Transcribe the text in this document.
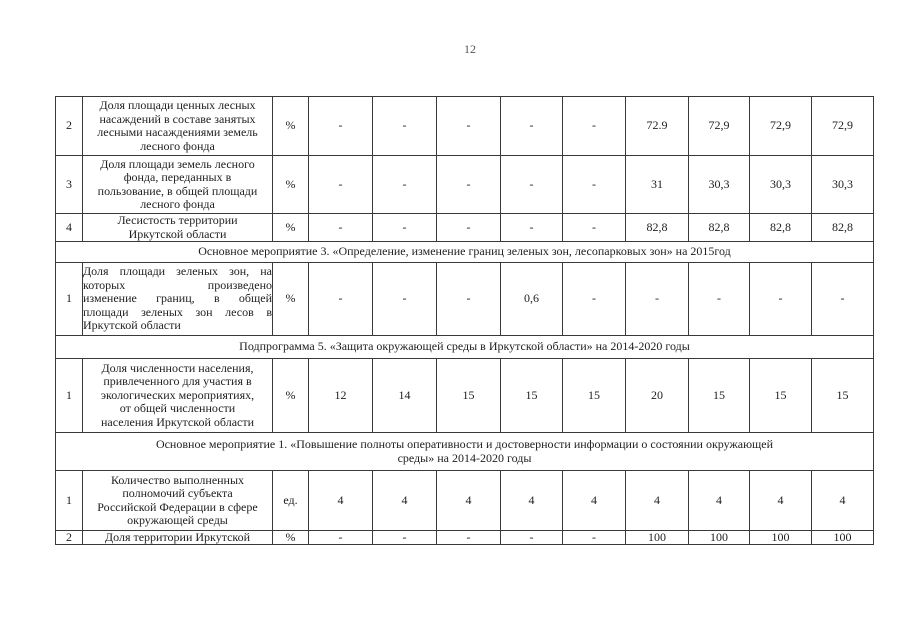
12
2	Доля площади ценных лесных
насаждений в составе занятых
лесными насаждениями земель
лесного фонда	%	-	-	-	-	-	72.9	72,9	72,9	72,9
3	Доля площади земель лесного
фонда, переданных в
пользование, в общей площади
лесного фонда	%	-	-	-	-	-	31	30,3	30,3	30,3
4	Лесистость территории
Иркутской области	%	-	-	-	-	-	82,8	82,8	82,8	82,8

Основное мероприятие 3. «Определение, изменение границ зеленых зон, лесопарковых зон» на 2015год											

1	Доля площади зеленых зон, на
которых произведено
изменение границ, в общей
площади зеленых зон лесов в
Иркутской области	%	-	-	-	0,6	-	-	-	-	-

Подпрограмма 5. «Защита окружающей среды в Иркутской области» на 2014-2020 годы											

1	Доля численности населения,
привлеченного для участия в
экологических мероприятиях,
от общей численности
населения Иркутской области	%	12	14	15	15	15	20	15	15	15

Основное мероприятие 1. «Повышение полноты оперативности и достоверности информации о состоянии окружающей
среды» на 2014-2020 годы											

1	Количество выполненных
полномочий субъекта
Российской Федерации в сфере
окружающей среды	ед.	4	4	4	4	4	4	4	4	4
2	Доля территории Иркутской	%	-	-	-	-	-	100	100	100	100
